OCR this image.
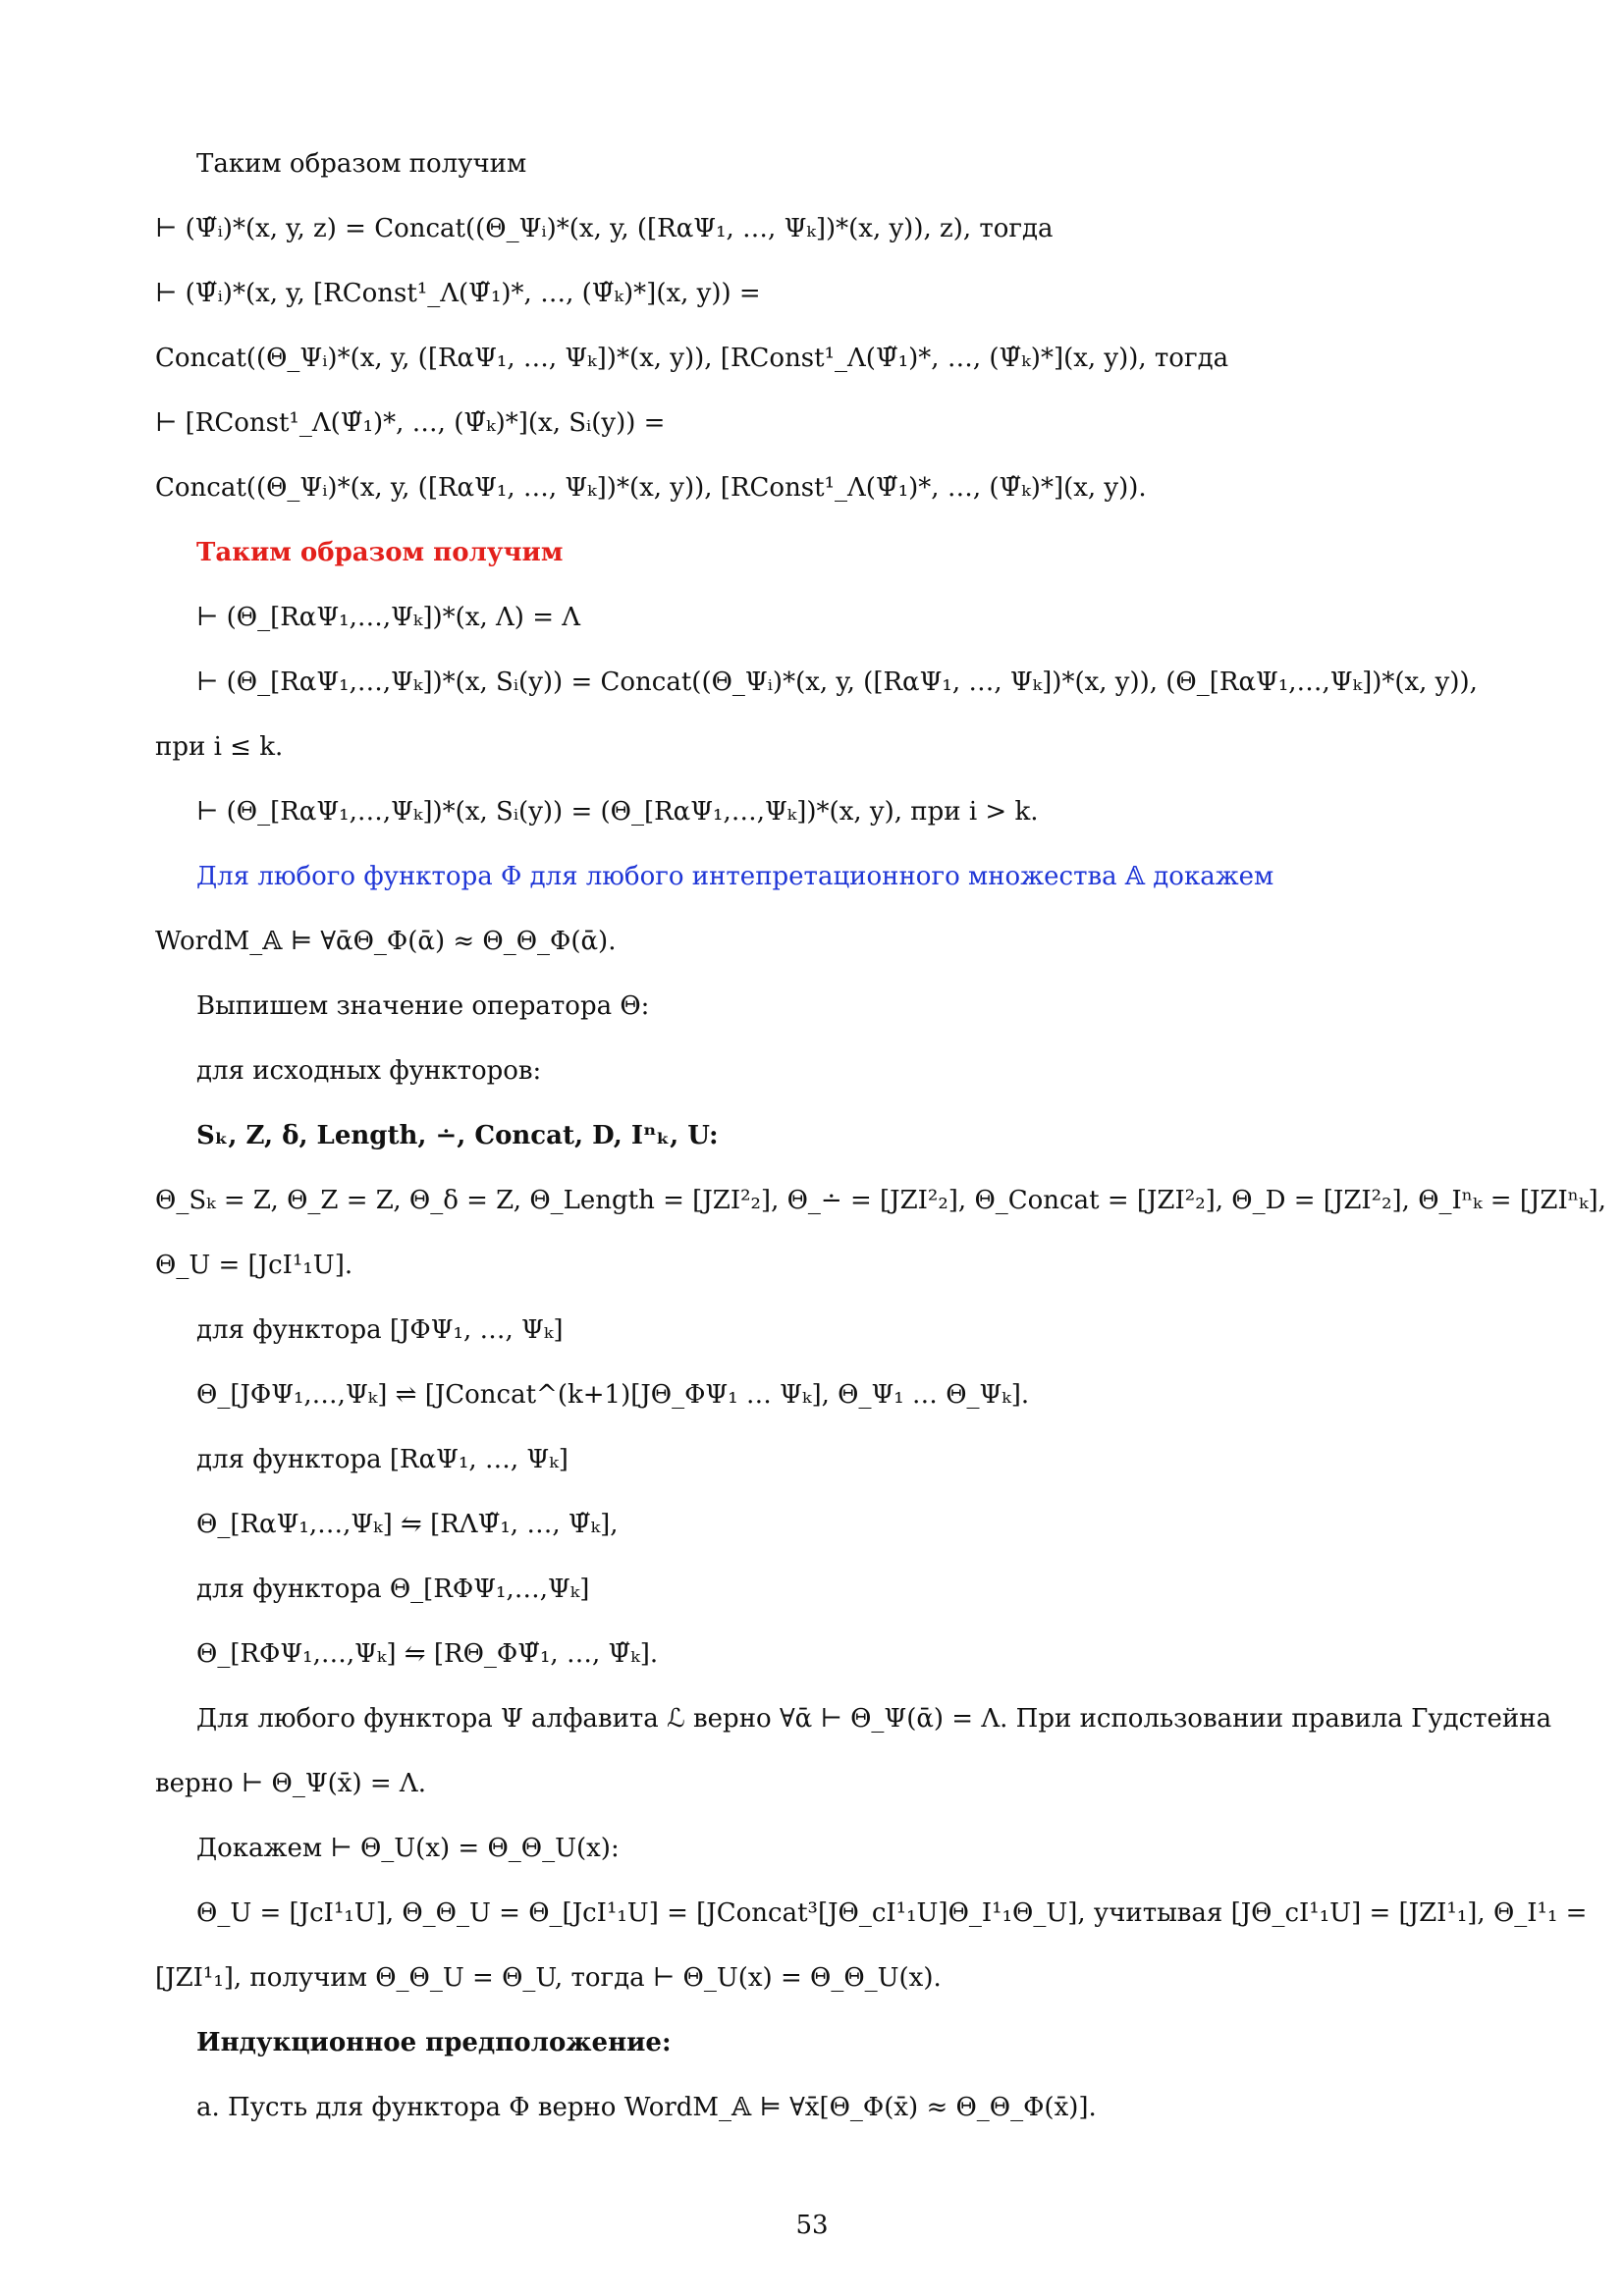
Таким образом получим
⊢ (Ψ̃ᵢ)*(x, y, z) = Concat((Θ_Ψᵢ)*(x, y, ([RαΨ₁, …, Ψₖ])*(x, y)), z), тогда
⊢ (Ψ̃ᵢ)*(x, y, [RConst¹_Λ(Ψ̃₁)*, …, (Ψ̃ₖ)*](x, y)) =
Concat((Θ_Ψᵢ)*(x, y, ([RαΨ₁, …, Ψₖ])*(x, y)), [RConst¹_Λ(Ψ̃₁)*, …, (Ψ̃ₖ)*](x, y)), тогда
⊢ [RConst¹_Λ(Ψ̃₁)*, …, (Ψ̃ₖ)*](x, Sᵢ(y)) =
Concat((Θ_Ψᵢ)*(x, y, ([RαΨ₁, …, Ψₖ])*(x, y)), [RConst¹_Λ(Ψ̃₁)*, …, (Ψ̃ₖ)*](x, y)).
Таким образом получим
⊢ (Θ_[RαΨ₁,…,Ψₖ])*(x, Λ) = Λ
⊢ (Θ_[RαΨ₁,…,Ψₖ])*(x, Sᵢ(y)) = Concat((Θ_Ψᵢ)*(x, y, ([RαΨ₁, …, Ψₖ])*(x, y)), (Θ_[RαΨ₁,…,Ψₖ])*(x, y)),
при i ≤ k.
⊢ (Θ_[RαΨ₁,…,Ψₖ])*(x, Sᵢ(y)) = (Θ_[RαΨ₁,…,Ψₖ])*(x, y), при i > k.
Для любого функтора Φ для любого интепретационного множества 𝔸 докажем
WordM_𝔸 ⊨ ∀ᾱΘ_Φ(ᾱ) ≈ Θ_Θ_Φ(ᾱ).
Выпишем значение оператора Θ:
для исходных функторов:
Sₖ, Z, δ, Length, ∸, Concat, D, Iⁿₖ, U:
Θ_Sₖ = Z, Θ_Z = Z, Θ_δ = Z, Θ_Length = [JZI²₂], Θ_∸ = [JZI²₂], Θ_Concat = [JZI²₂], Θ_D = [JZI²₂], Θ_Iⁿₖ = [JZIⁿₖ],
Θ_U = [JcI¹₁U].
для функтора [JΦΨ₁, …, Ψₖ]
Θ_[JΦΨ₁,…,Ψₖ] ⇌ [JConcat^(k+1)[JΘ_ΦΨ₁ … Ψₖ], Θ_Ψ₁ … Θ_Ψₖ].
для функтора [RαΨ₁, …, Ψₖ]
Θ_[RαΨ₁,…,Ψₖ] ⇋ [RΛΨ̃₁, …, Ψ̃ₖ],
для функтора Θ_[RΦΨ₁,…,Ψₖ]
Θ_[RΦΨ₁,…,Ψₖ] ⇋ [RΘ_ΦΨ̃₁, …, Ψ̃ₖ].
Для любого функтора Ψ алфавита ℒ верно ∀ᾱ ⊢ Θ_Ψ(ᾱ) = Λ. При использовании правила Гудстейна
верно ⊢ Θ_Ψ(x̄) = Λ.
Докажем ⊢ Θ_U(x) = Θ_Θ_U(x):
Θ_U = [JcI¹₁U], Θ_Θ_U = Θ_[JcI¹₁U] = [JConcat³[JΘ_cI¹₁U]Θ_I¹₁Θ_U], учитывая [JΘ_cI¹₁U] = [JZI¹₁], Θ_I¹₁ =
[JZI¹₁], получим Θ_Θ_U = Θ_U, тогда ⊢ Θ_U(x) = Θ_Θ_U(x).
Индукционное предположение:
a. Пусть для функтора Φ верно WordM_𝔸 ⊨ ∀x̄[Θ_Φ(x̄) ≈ Θ_Θ_Φ(x̄)].
53
